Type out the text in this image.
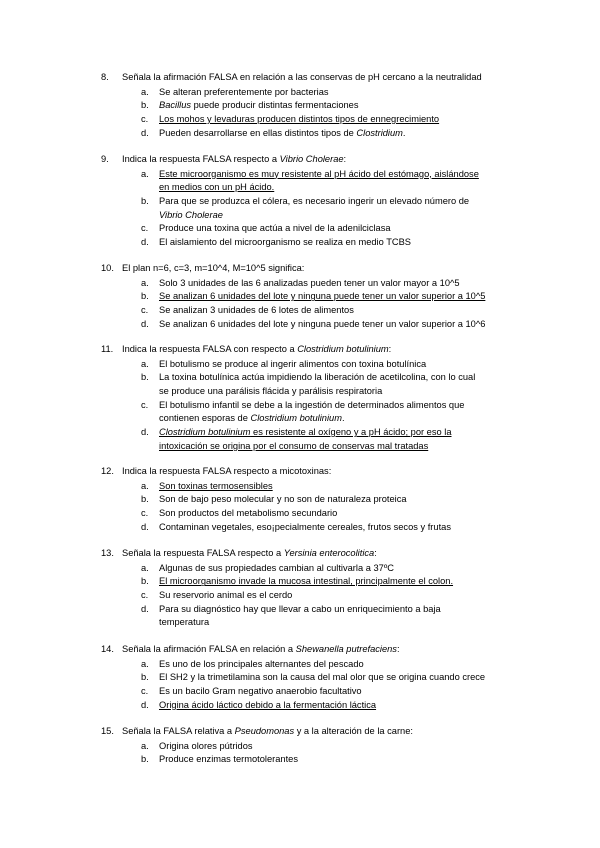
8. Señala la afirmación FALSA en relación a las conservas de pH cercano a la neutralidad
a. Se alteran preferentemente por bacterias
b. Bacillus puede producir distintas fermentaciones
c. Los mohos y levaduras producen distintos tipos de ennegrecimiento
d. Pueden desarrollarse en ellas distintos tipos de Clostridium.
9. Indica la respuesta FALSA respecto a Vibrio Cholerae:
a. Este microorganismo es muy resistente al pH ácido del estómago, aislándose
en medios con un pH ácido.
b. Para que se produzca el cólera, es necesario ingerir un elevado número de
Vibrio Cholerae
c. Produce una toxina que actúa a nivel de la adenilciclasa
d. El aislamiento del microorganismo se realiza en medio TCBS
10. El plan n=6, c=3, m=10^4, M=10^5 significa:
a. Solo 3 unidades de las 6 analizadas pueden tener un valor mayor a 10^5
b. Se analizan 6 unidades del lote y ninguna puede tener un valor superior a 10^5
c. Se analizan 3 unidades de 6 lotes de alimentos
d. Se analizan 6 unidades del lote y ninguna puede tener un valor superior a 10^6
11. Indica la respuesta FALSA con respecto a Clostridium botulinium:
a. El botulismo se produce al ingerir alimentos con toxina botulínica
b. La toxina botulínica actúa impidiendo la liberación de acetilcolina, con lo cual
se produce una parálisis flácida y parálisis respiratoria
c. El botulismo infantil se debe a la ingestión de determinados alimentos que
contienen esporas de Clostridium botulinium.
d. Clostridium botulinium es resistente al oxígeno y a pH ácido; por eso la
intoxicación se origina por el consumo de conservas mal tratadas
12. Indica la respuesta FALSA respecto a micotoxinas:
a. Son toxinas termosensibles
b. Son de bajo peso molecular y no son de naturaleza proteica
c. Son productos del metabolismo secundario
d. Contaminan vegetales, eso¡pecialmente cereales, frutos secos y frutas
13. Señala la respuesta FALSA respecto a Yersinia enterocolitica:
a. Algunas de sus propiedades cambian al cultivarla a 37ºC
b. El microorganismo invade la mucosa intestinal, principalmente el colon.
c. Su reservorio animal es el cerdo
d. Para su diagnóstico hay que llevar a cabo un enriquecimiento a baja
temperatura
14. Señala la afirmación FALSA en relación a Shewanella putrefaciens:
a. Es uno de los principales alternantes del pescado
b. El SH2 y la trimetilamina son la causa del mal olor que se origina cuando crece
c. Es un bacilo Gram negativo anaerobio facultativo
d. Origina ácido láctico debido a la fermentación láctica
15. Señala la FALSA relativa a Pseudomonas y a la alteración de la carne:
a. Origina olores pútridos
b. Produce enzimas termotolerantes
